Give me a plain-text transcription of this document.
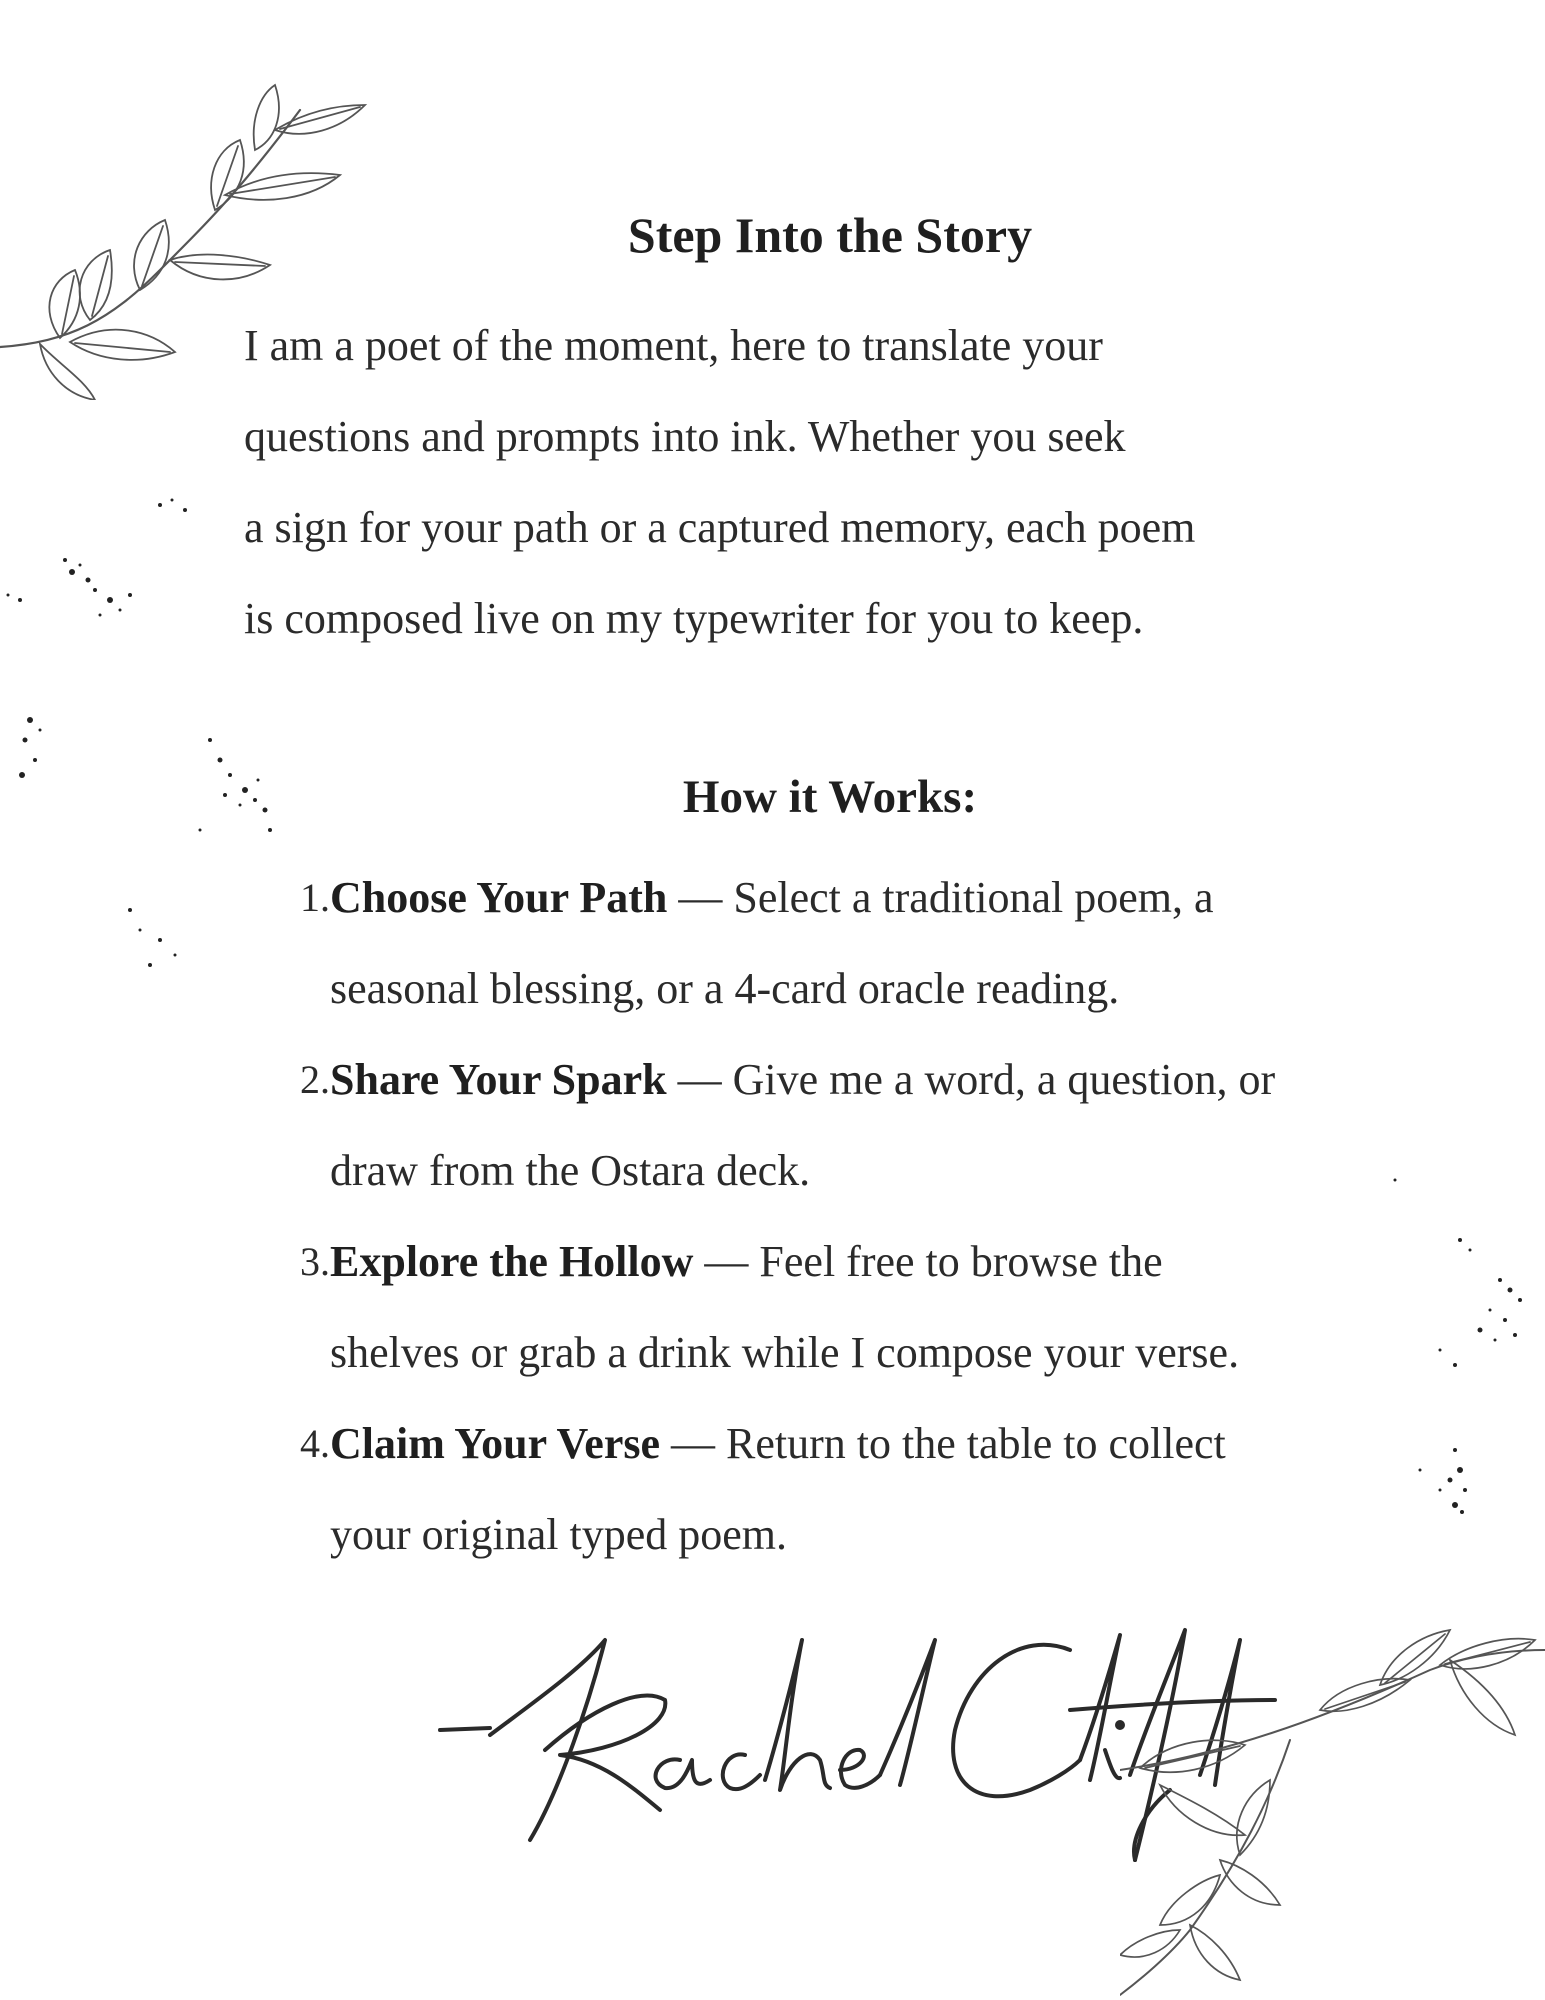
Step Into the Story

I am a poet of the moment, here to translate your
questions and prompts into ink. Whether you seek
a sign for your path or a captured memory, each poem
is composed live on my typewriter for you to keep.

How it Works:
1. Choose Your Path — Select a traditional poem, a
seasonal blessing, or a 4-card oracle reading.
2. Share Your Spark — Give me a word, a question, or
draw from the Ostara deck.
3. Explore the Hollow — Feel free to browse the
shelves or grab a drink while I compose your verse.
4. Claim Your Verse — Return to the table to collect
your original typed poem.
